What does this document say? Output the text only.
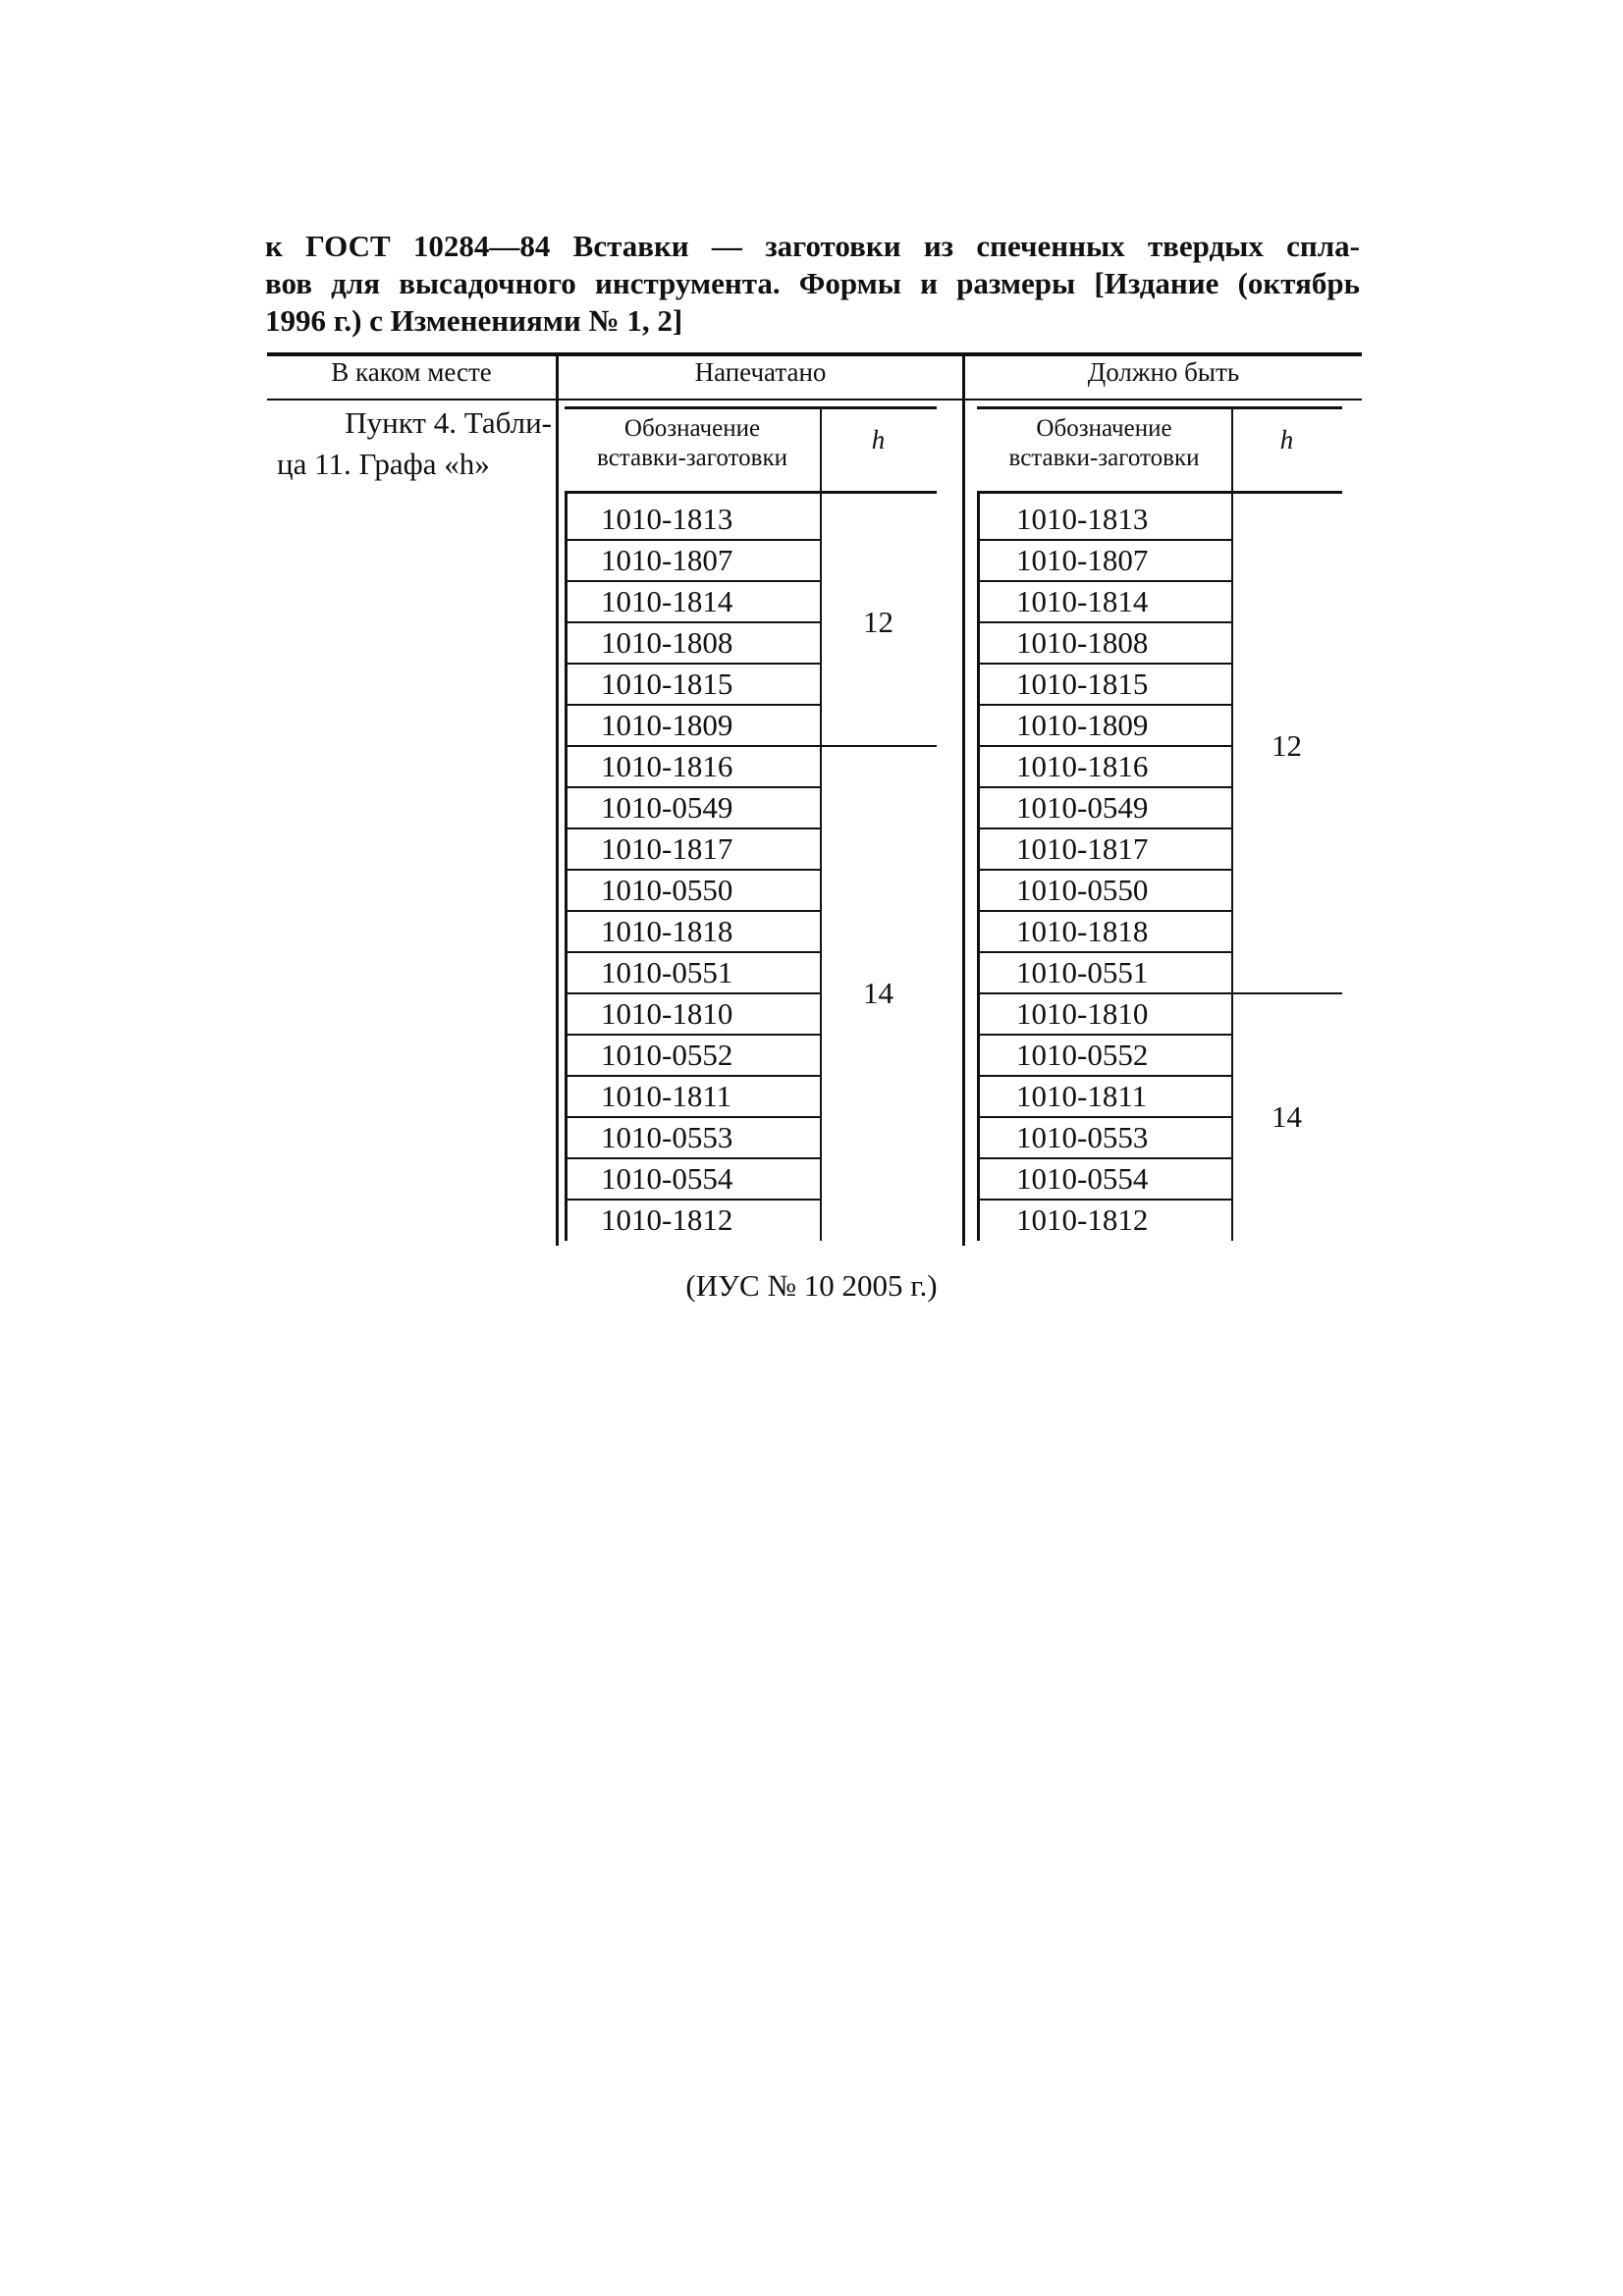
к ГОСТ 10284—84 Вставки — заготовки из спеченных твердых спла-
вов для высадочного инструмента. Формы и размеры [Издание (октябрь
1996 г.) с Изменениями № 1, 2]
В каком месте	Напечатано	Должно быть
Пункт 4. Табли-
ца 11. Графа «h»
Обозначение
вставки-заготовки
h
1010-1813
1010-1807
1010-1814
1010-1808
1010-1815
1010-1809
1010-1816
1010-0549
1010-1817
1010-0550
1010-1818
1010-0551
1010-1810
1010-0552
1010-1811
1010-0553
1010-0554
1010-1812
12
14
Обозначение
вставки-заготовки
h
1010-1813
1010-1807
1010-1814
1010-1808
1010-1815
1010-1809
1010-1816
1010-0549
1010-1817
1010-0550
1010-1818
1010-0551
1010-1810
1010-0552
1010-1811
1010-0553
1010-0554
1010-1812
12
14
(ИУС № 10 2005 г.)
